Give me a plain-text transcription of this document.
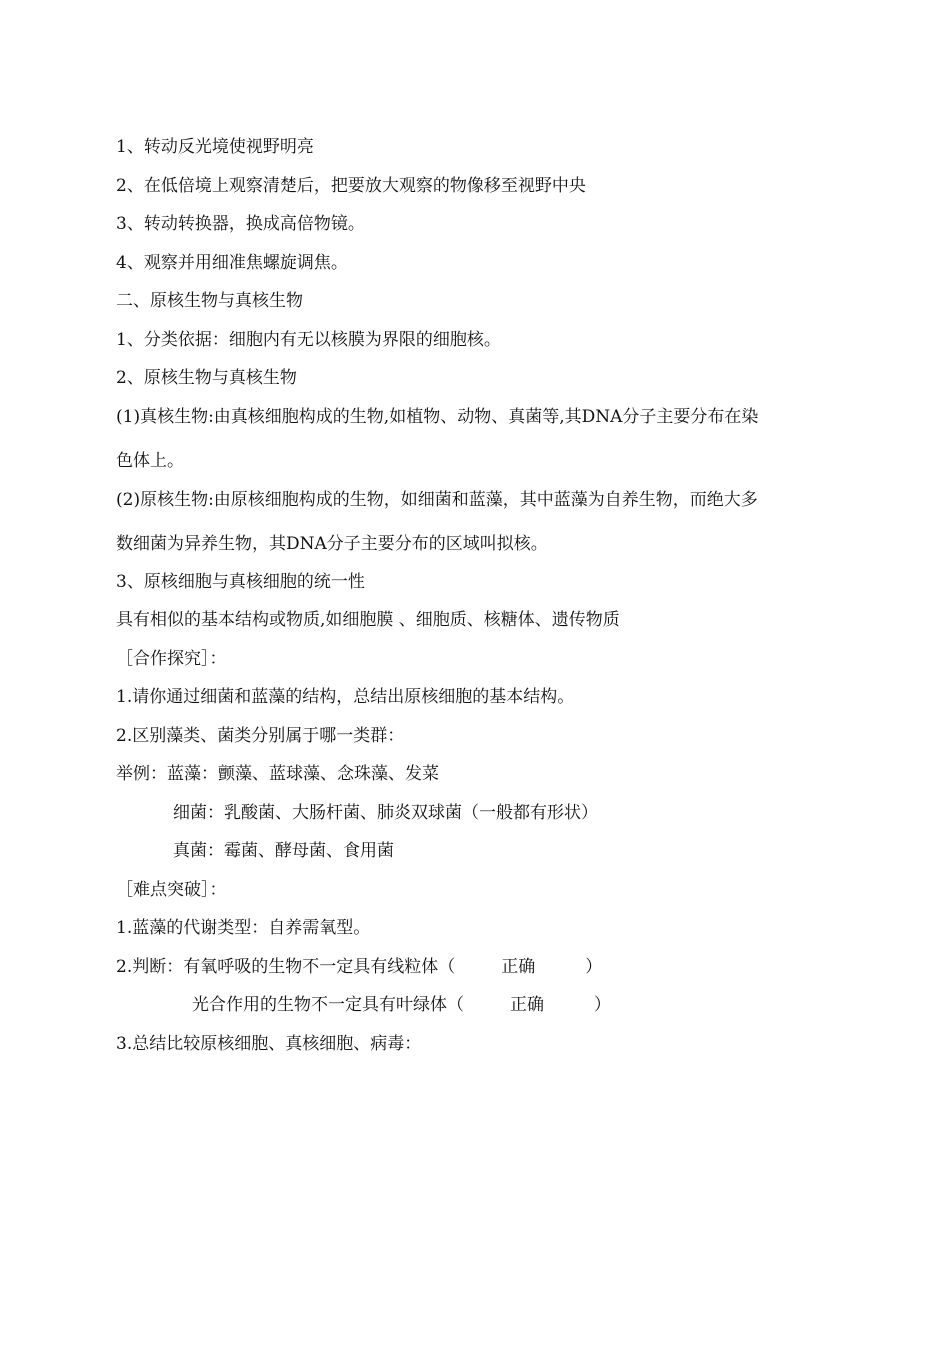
1、转动反光境使视野明亮
2、在低倍境上观察清楚后，把要放大观察的物像移至视野中央
3、转动转换器，换成高倍物镜。
4、观察并用细准焦螺旋调焦。
二、原核生物与真核生物
1、分类依据：细胞内有无以核膜为界限的细胞核。
2、原核生物与真核生物
(1)真核生物:由真核细胞构成的生物,如植物、动物、真菌等,其DNA分子主要分布在染
色体上。
(2)原核生物:由原核细胞构成的生物，如细菌和蓝藻，其中蓝藻为自养生物，而绝大多
数细菌为异养生物，其DNA分子主要分布的区域叫拟核。
3、原核细胞与真核细胞的统一性
具有相似的基本结构或物质,如细胞膜 、细胞质、核糖体、遗传物质
［合作探究］：
1.请你通过细菌和蓝藻的结构，总结出原核细胞的基本结构。
2.区别藻类、菌类分别属于哪一类群：
举例：蓝藻：颤藻、蓝球藻、念珠藻、发菜
细菌：乳酸菌、大肠杆菌、肺炎双球菌（一般都有形状）
真菌：霉菌、酵母菌、食用菌
［难点突破］：
1.蓝藻的代谢类型：自养需氧型。
2.判断：有氧呼吸的生物不一定具有线粒体（	正确	）
光合作用的生物不一定具有叶绿体（	正确	）
3.总结比较原核细胞、真核细胞、病毒：
